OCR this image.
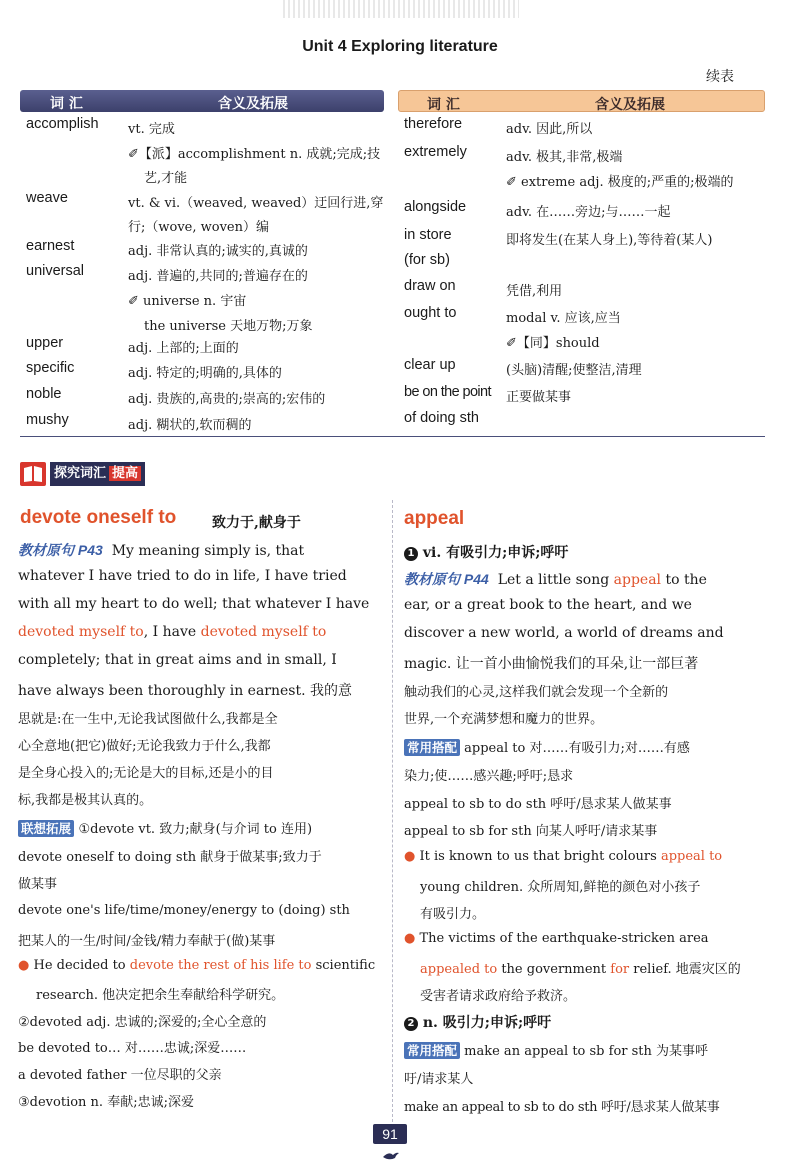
Unit 4 Exploring literature
续表
词 汇	含义及拓展	词 汇	含义及拓展
accomplish vt. 完成
✐【派】accomplishment n. 成就;完成;技
艺,才能
weave	vt. & vi.（weaved, weaved）迂回行进,穿
行;（wove, woven）编
earnest	adj. 非常认真的;诚实的,真诚的
universal	adj. 普遍的,共同的;普遍存在的
✐ universe n. 宇宙
the universe 天地万物;万象
upper	adj. 上部的;上面的
specific	adj. 特定的;明确的,具体的
noble	adj. 贵族的,高贵的;崇高的;宏伟的
mushy	adj. 糊状的,软而稠的
therefore	adv. 因此,所以
extremely	adv. 极其,非常,极端
✐ extreme adj. 极度的;严重的;极端的
alongside	adv. 在……旁边;与……一起
in store
(for sb)
即将发生(在某人身上),等待着(某人)
draw on	凭借,利用
ought to	modal v. 应该,应当
✐【同】should
clear up	(头脑)清醒;使整洁,清理
be on the point
of doing sth
正要做某事
探究词汇 提高
devote oneself to	致力于,献身于
教材原句 P43 My meaning simply is, that
whatever I have tried to do in life, I have tried
with all my heart to do well; that whatever I have
devoted myself to, I have devoted myself to
completely; that in great aims and in small, I
have always been thoroughly in earnest. 我的意
思就是:在一生中,无论我试图做什么,我都是全
心全意地(把它)做好;无论我致力于什么,我都
是全身心投入的;无论是大的目标,还是小的目
标,我都是极其认真的。
联想拓展 ①devote vt. 致力;献身(与介词 to 连用)
devote oneself to doing sth 献身于做某事;致力于
做某事
devote one's life/time/money/energy to (doing) sth
把某人的一生/时间/金钱/精力奉献于(做)某事
● He decided to devote the rest of his life to scientific
research. 他决定把余生奉献给科学研究。
②devoted adj. 忠诚的;深爱的;全心全意的
be devoted to… 对……忠诚;深爱……
a devoted father 一位尽职的父亲
③devotion n. 奉献;忠诚;深爱
appeal
1 vi. 有吸引力;申诉;呼吁
教材原句 P44 Let a little song appeal to the
ear, or a great book to the heart, and we
discover a new world, a world of dreams and
magic. 让一首小曲愉悦我们的耳朵,让一部巨著
触动我们的心灵,这样我们就会发现一个全新的
世界,一个充满梦想和魔力的世界。
常用搭配 appeal to 对……有吸引力;对……有感
染力;使……感兴趣;呼吁;恳求
appeal to sb to do sth 呼吁/恳求某人做某事
appeal to sb for sth 向某人呼吁/请求某事
● It is known to us that bright colours appeal to
young children. 众所周知,鲜艳的颜色对小孩子
有吸引力。
● The victims of the earthquake-stricken area
appealed to the government for relief. 地震灾区的
受害者请求政府给予救济。
2 n. 吸引力;申诉;呼吁
常用搭配 make an appeal to sb for sth 为某事呼
吁/请求某人
make an appeal to sb to do sth 呼吁/恳求某人做某事
91
